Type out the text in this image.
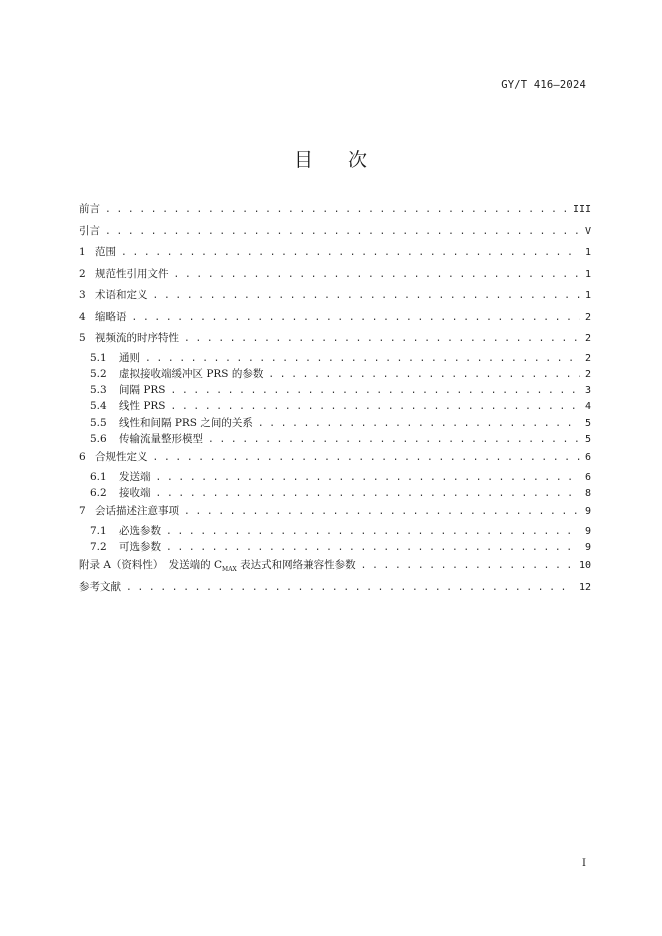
GY/T 416—2024
目 次
前言 . . .	III
引言 . . .	V
1 范围 . . .	1
2 规范性引用文件 . . .	1
3 术语和定义 . . .	1
4 缩略语 . . .	2
5 视频流的时序特性 . . .	2
5.1 通则 . . .	2
5.2 虚拟接收端缓冲区 PRS 的参数 . . .	2
5.3 间隔 PRS . . .	3
5.4 线性 PRS . . .	4
5.5 线性和间隔 PRS 之间的关系 . . .	5
5.6 传输流量整形模型 . . .	5
6 合规性定义 . . .	6
6.1 发送端 . . .	6
6.2 接收端 . . .	8
7 会话描述注意事项 . . .	9
7.1 必选参数 . . .	9
7.2 可选参数 . . .	9
附录 A（资料性）　发送端的 $C_{MAX}$ 表达式和网络兼容性参数 . . .	10
参考文献 . . .	12
I
